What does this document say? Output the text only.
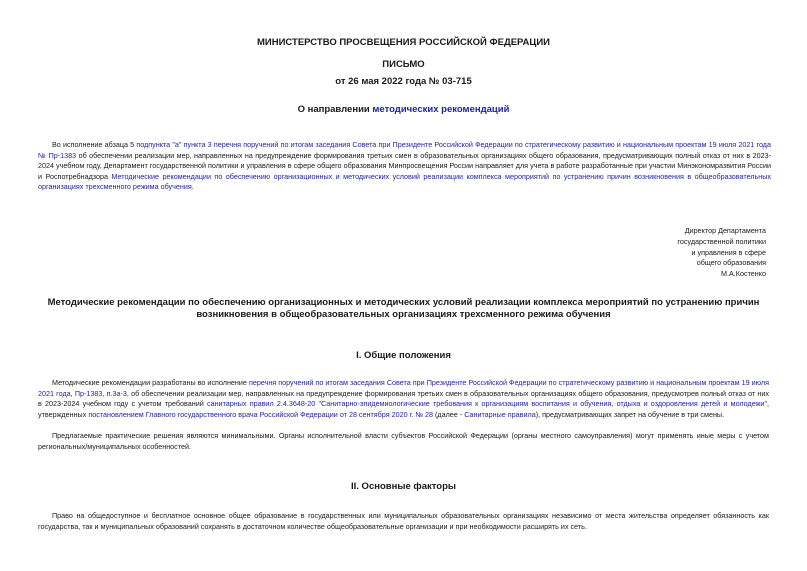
МИНИСТЕРСТВО ПРОСВЕЩЕНИЯ РОССИЙСКОЙ ФЕДЕРАЦИИ
ПИСЬМО
от 26 мая 2022 года № 03-715
О направлении методических рекомендаций
Во исполнение абзаца 5 подпункта "а" пункта 3 перечня поручений по итогам заседания Совета при Президенте Российской Федерации по стратегическому развитию и национальным проектам 19 июля 2021 года № Пр-1383 об обеспечении реализации мер, направленных на предупреждение формирования третьих смен в образовательных организациях общего образования, предусматривающих полный отказ от них в 2023-2024 учебном году, Департамент государственной политики и управления в сфере общего образования Минпросвещения России направляет для учета в работе разработанные при участии Минэкономразвития России и Роспотребнадзора Методические рекомендации по обеспечению организационных и методических условий реализации комплекса мероприятий по устранению причин возникновения в общеобразовательных организациях трехсменного режима обучения.
Директор Департамента
государственной политики
и управления в сфере
общего образования
М.А.Костенко
Методические рекомендации по обеспечению организационных и методических условий реализации комплекса мероприятий по устранению причин возникновения в общеобразовательных организациях трехсменного режима обучения
I. Общие положения
Методические рекомендации разработаны во исполнение перечня поручений по итогам заседания Совета при Президенте Российской Федерации по стратегическому развитию и национальным проектам 19 июля 2021 года, Пр-1383, п.3а-3, об обеспечении реализации мер, направленных на предупреждение формирования третьих смен в образовательных организациях общего образования, предусмотрев полный отказ от них в 2023-2024 учебном году с учетом требований санитарных правил 2.4.3648-20 "Санитарно-эпидемиологические требования к организациям воспитания и обучения, отдыха и оздоровления детей и молодежи", утвержденных постановлением Главного государственного врача Российской Федерации от 28 сентября 2020 г. № 28 (далее - Санитарные правила), предусматривающих запрет на обучение в три смены.
Предлагаемые практические решения являются минимальными. Органы исполнительной власти субъектов Российской Федерации (органы местного самоуправления) могут применять иные меры с учетом региональных/муниципальных особенностей.
II. Основные факторы
Право на общедоступное и бесплатное основное общее образование в государственных или муниципальных образовательных организациях независимо от места жительства определяет обязанность как государства, так и муниципальных образований сохранять в достаточном количестве общеобразовательные организации и при необходимости расширять их сеть.
